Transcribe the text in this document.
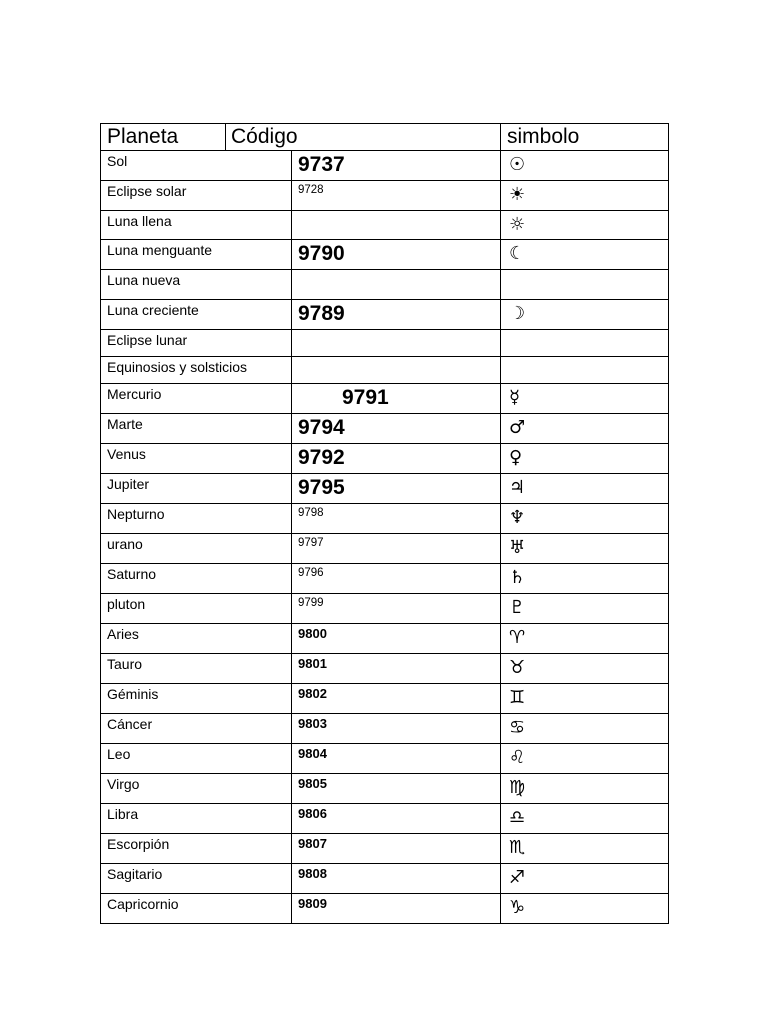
Planeta Código		simbolo

Sol	9737	☉

Eclipse solar	9728	☀

Luna llena		☼

Luna menguante	9790	☾

Luna nueva		

Luna creciente	9789	☽

Eclipse lunar		

Equinosios y solsticios		

Mercurio	9791	☿

Marte	9794	♂

Venus	9792	♀

Jupiter	9795	♃

Nepturno	9798	♆

urano	9797	♅

Saturno	9796	♄

pluton	9799	♇

Aries	9800	♈

Tauro	9801	♉

Géminis	9802	♊

Cáncer	9803	♋

Leo	9804	♌

Virgo	9805	♍

Libra	9806	♎

Escorpión	9807	♏

Sagitario	9808	♐

Capricornio	9809	♑
